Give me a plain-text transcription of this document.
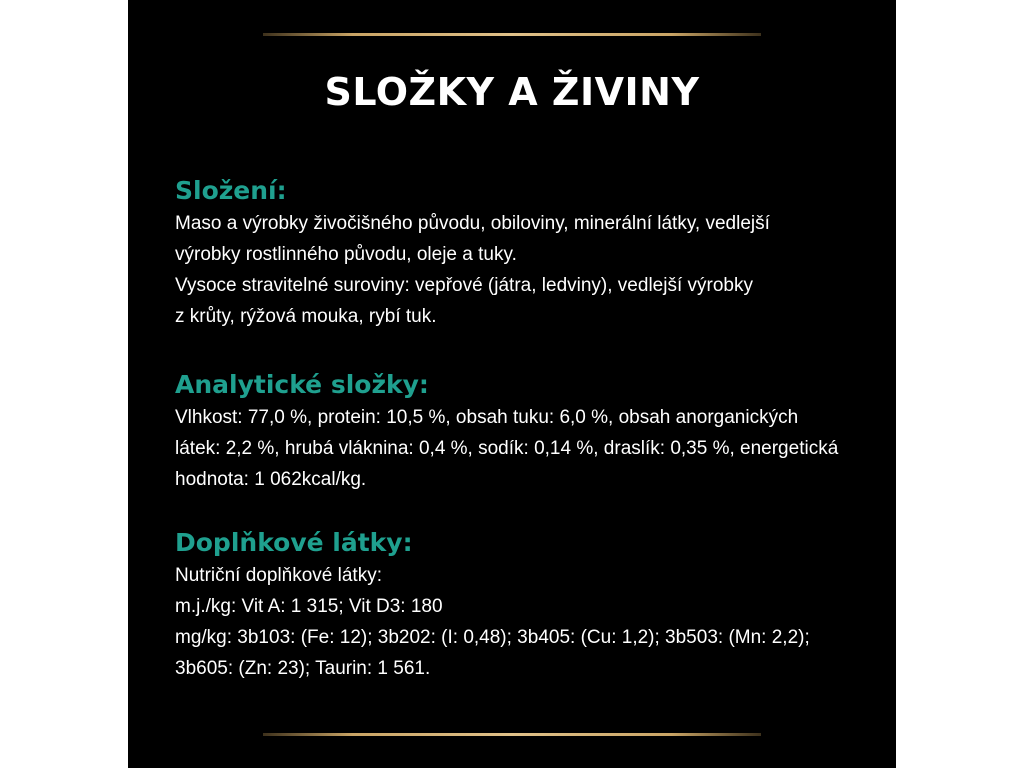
SLOŽKY A ŽIVINY
Složení:

Maso a výrobky živočišného původu, obiloviny, minerální látky, vedlejší
výrobky rostlinného původu, oleje a tuky.
Vysoce stravitelné suroviny: vepřové (játra, ledviny), vedlejší výrobky
z krůty, rýžová mouka, rybí tuk.

Analytické složky:

Vlhkost: 77,0 %, protein: 10,5 %, obsah tuku: 6,0 %, obsah anorganických
látek: 2,2 %, hrubá vláknina: 0,4 %, sodík: 0,14 %, draslík: 0,35 %, energetická
hodnota: 1 062kcal/kg.

Doplňkové látky:

Nutriční doplňkové látky:
m.j./kg: Vit A: 1 315; Vit D3: 180
mg/kg: 3b103: (Fe: 12); 3b202: (I: 0,48); 3b405: (Cu: 1,2); 3b503: (Mn: 2,2);
3b605: (Zn: 23); Taurin: 1 561.
